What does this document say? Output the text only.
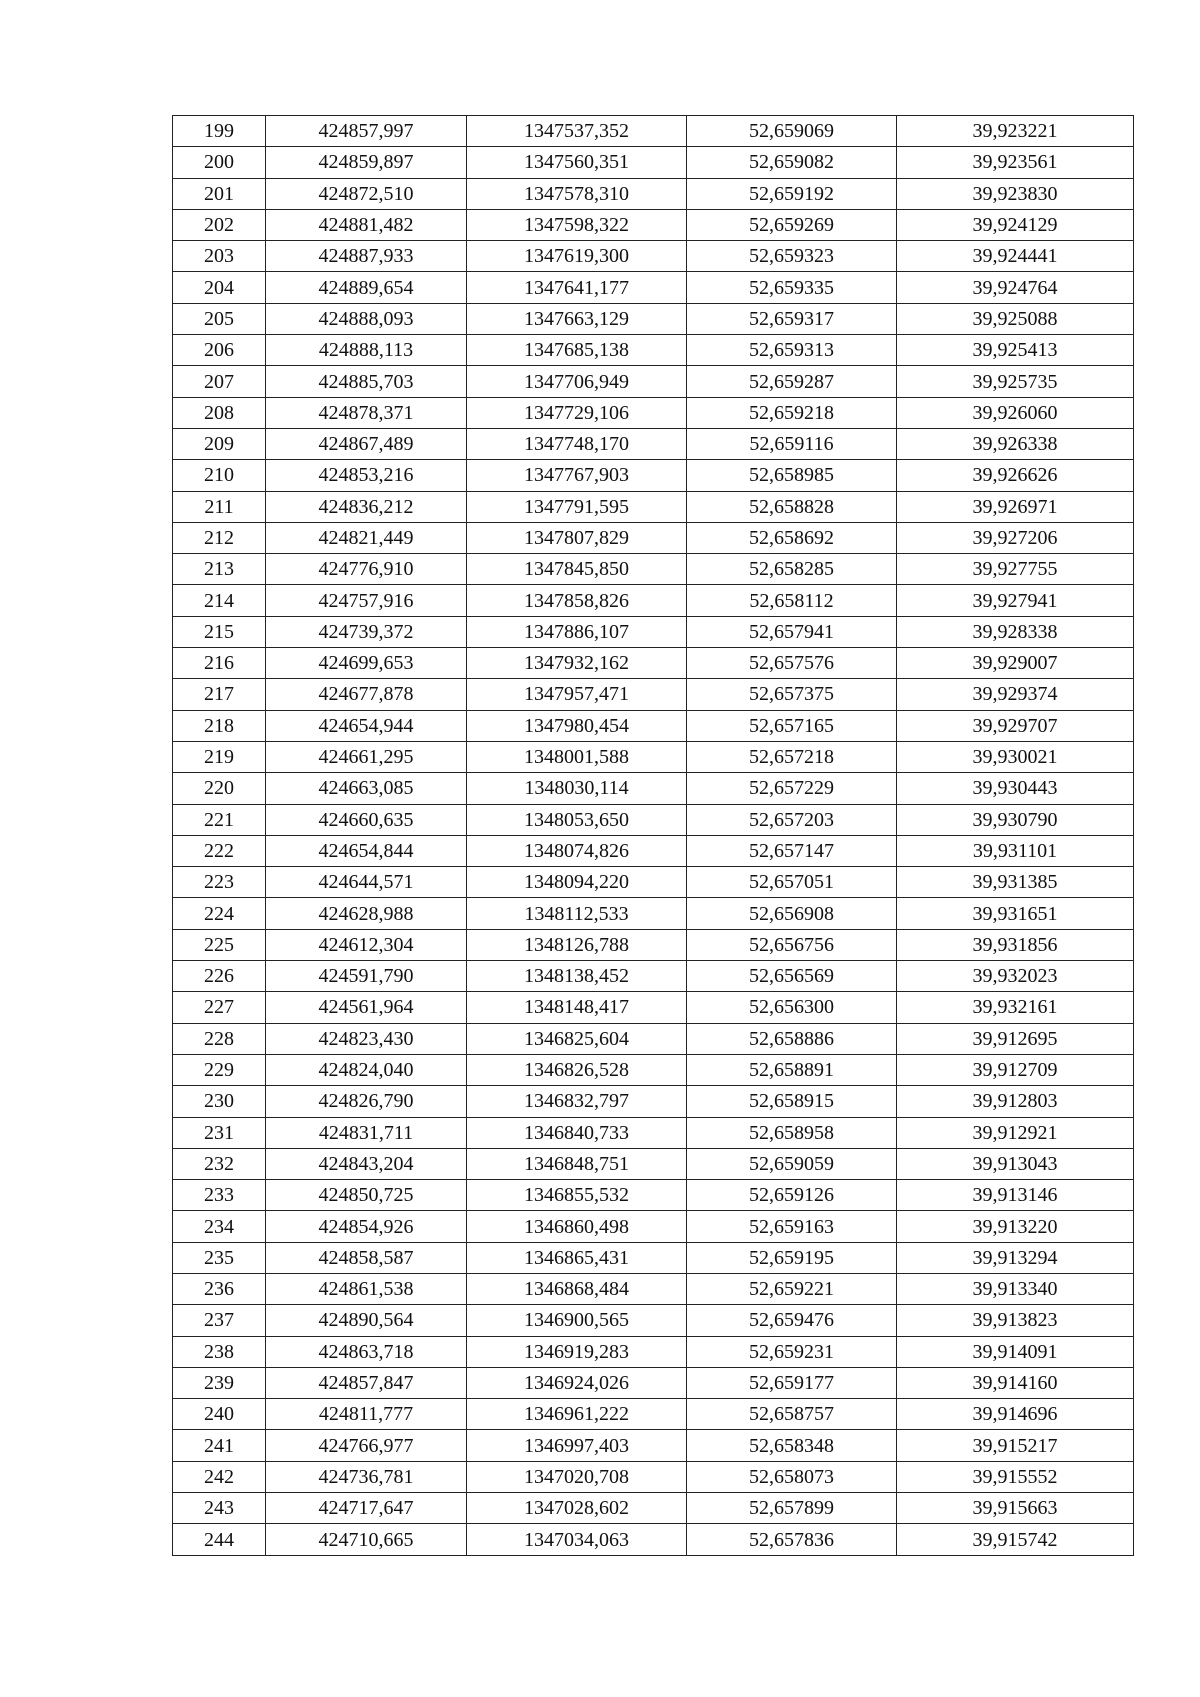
199	424857,997	1347537,352	52,659069	39,923221
200	424859,897	1347560,351	52,659082	39,923561
201	424872,510	1347578,310	52,659192	39,923830
202	424881,482	1347598,322	52,659269	39,924129
203	424887,933	1347619,300	52,659323	39,924441
204	424889,654	1347641,177	52,659335	39,924764
205	424888,093	1347663,129	52,659317	39,925088
206	424888,113	1347685,138	52,659313	39,925413
207	424885,703	1347706,949	52,659287	39,925735
208	424878,371	1347729,106	52,659218	39,926060
209	424867,489	1347748,170	52,659116	39,926338
210	424853,216	1347767,903	52,658985	39,926626
211	424836,212	1347791,595	52,658828	39,926971
212	424821,449	1347807,829	52,658692	39,927206
213	424776,910	1347845,850	52,658285	39,927755
214	424757,916	1347858,826	52,658112	39,927941
215	424739,372	1347886,107	52,657941	39,928338
216	424699,653	1347932,162	52,657576	39,929007
217	424677,878	1347957,471	52,657375	39,929374
218	424654,944	1347980,454	52,657165	39,929707
219	424661,295	1348001,588	52,657218	39,930021
220	424663,085	1348030,114	52,657229	39,930443
221	424660,635	1348053,650	52,657203	39,930790
222	424654,844	1348074,826	52,657147	39,931101
223	424644,571	1348094,220	52,657051	39,931385
224	424628,988	1348112,533	52,656908	39,931651
225	424612,304	1348126,788	52,656756	39,931856
226	424591,790	1348138,452	52,656569	39,932023
227	424561,964	1348148,417	52,656300	39,932161
228	424823,430	1346825,604	52,658886	39,912695
229	424824,040	1346826,528	52,658891	39,912709
230	424826,790	1346832,797	52,658915	39,912803
231	424831,711	1346840,733	52,658958	39,912921
232	424843,204	1346848,751	52,659059	39,913043
233	424850,725	1346855,532	52,659126	39,913146
234	424854,926	1346860,498	52,659163	39,913220
235	424858,587	1346865,431	52,659195	39,913294
236	424861,538	1346868,484	52,659221	39,913340
237	424890,564	1346900,565	52,659476	39,913823
238	424863,718	1346919,283	52,659231	39,914091
239	424857,847	1346924,026	52,659177	39,914160
240	424811,777	1346961,222	52,658757	39,914696
241	424766,977	1346997,403	52,658348	39,915217
242	424736,781	1347020,708	52,658073	39,915552
243	424717,647	1347028,602	52,657899	39,915663
244	424710,665	1347034,063	52,657836	39,915742
